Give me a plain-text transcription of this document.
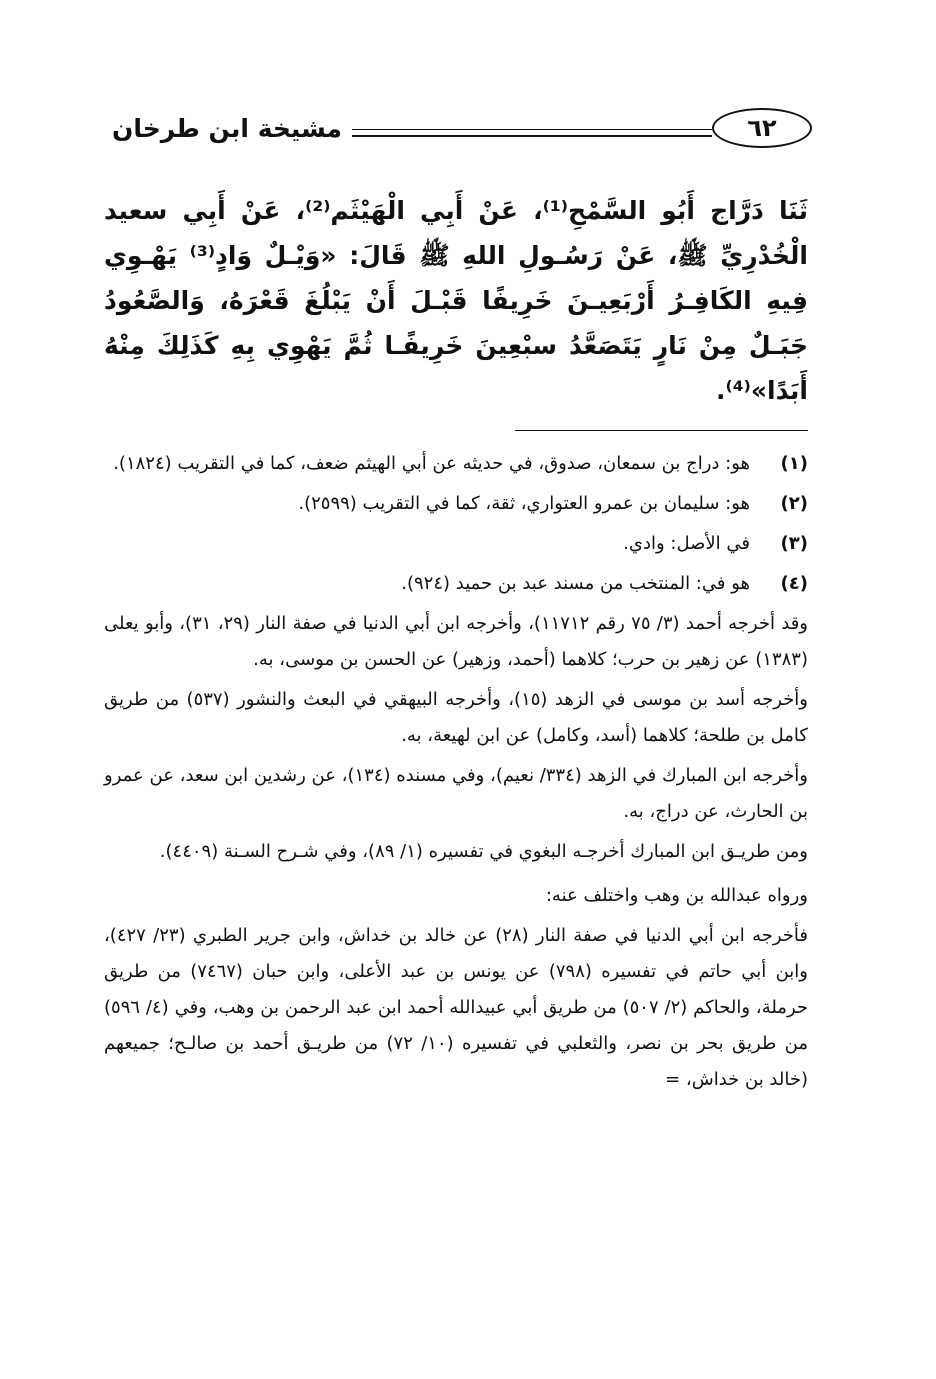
مشيخة ابن طرخان	٦٢
ثَنَا دَرَّاج أَبُو السَّمْحِ⁽¹⁾، عَنْ أَبِي الْهَيْثَم⁽²⁾، عَنْ أَبِي سعيد الْخُدْرِيِّ ﷺ، عَنْ رَسُـولِ اللهِ ﷺ قَالَ: «وَيْـلٌ وَادٍ⁽³⁾ يَهْـوِي فِيهِ الكَافِـرُ أَرْبَعِيـنَ خَرِيفًا قَبْـلَ أَنْ يَبْلُغَ قَعْرَهُ، وَالصَّعُودُ جَبَـلٌ مِنْ نَارٍ يَتَصَعَّدُ سبْعِينَ خَرِيفًـا ثُمَّ يَهْوِي بِهِ كَذَلِكَ مِنْهُ أَبَدًا»⁽⁴⁾.
(١)
هو: دراج بن سمعان، صدوق، في حديثه عن أبي الهيثم ضعف، كما في التقريب (١٨٢٤).
(٢)
هو: سليمان بن عمرو العتواري، ثقة، كما في التقريب (٢٥٩٩).
(٣)
في الأصل: وادي.
(٤)
هو في: المنتخب من مسند عبد بن حميد (٩٢٤).
وقد أخرجه أحمد (٣/ ٧٥ رقم ١١٧١٢)، وأخرجه ابن أبي الدنيا في صفة النار (٢٩، ٣١)، وأبو يعلى (١٣٨٣) عن زهير بن حرب؛ كلاهما (أحمد، وزهير) عن الحسن بن موسى، به.
وأخرجه أسد بن موسى في الزهد (١٥)، وأخرجه البيهقي في البعث والنشور (٥٣٧) من طريق كامل بن طلحة؛ كلاهما (أسد، وكامل) عن ابن لهيعة، به.
وأخرجه ابن المبارك في الزهد (٣٣٤/ نعيم)، وفي مسنده (١٣٤)، عن رشدين ابن سعد، عن عمرو بن الحارث، عن دراج، به.
ومن طريـق ابن المبارك أخرجـه البغوي في تفسيره (١/ ٨٩)، وفي شـرح السـنة (٤٤٠٩).
ورواه عبدالله بن وهب واختلف عنه:
فأخرجه ابن أبي الدنيا في صفة النار (٢٨) عن خالد بن خداش، وابن جرير الطبري (٢٣/ ٤٢٧)، وابن أبي حاتم في تفسيره (٧٩٨) عن يونس بن عبد الأعلى، وابن حبان (٧٤٦٧) من طريق حرملة، والحاكم (٢/ ٥٠٧) من طريق أبي عبيدالله أحمد ابن عبد الرحمن بن وهب، وفي (٤/ ٥٩٦) من طريق بحر بن نصر، والثعلبي في تفسيره (١٠/ ٧٢) من طريـق أحمد بن صالـح؛ جميعهم (خالد بن خداش، =
